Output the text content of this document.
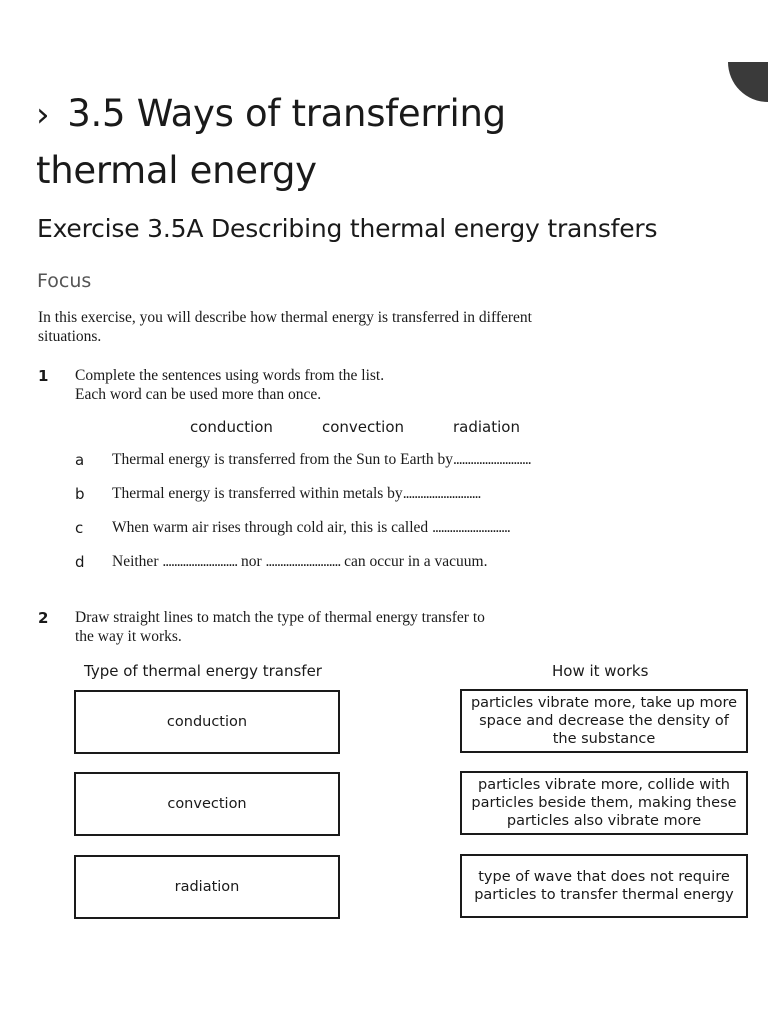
› 3.5 Ways of transferring
thermal energy
Exercise 3.5A Describing thermal energy transfers
Focus
In this exercise, you will describe how thermal energy is transferred in different situations.
1 Complete the sentences using words from the list.
Each word can be used more than once.
conduction	convection	radiation
a Thermal energy is transferred from the Sun to Earth by...........................
b Thermal energy is transferred within metals by...........................
c When warm air rises through cold air, this is called ...........................
d Neither .......................... nor .......................... can occur in a vacuum.
2 Draw straight lines to match the type of thermal energy transfer to
the way it works.
Type of thermal energy transfer	How it works
conduction
convection
radiation
particles vibrate more, take up more space and decrease the density of the substance
particles vibrate more, collide with particles beside them, making these particles also vibrate more
type of wave that does not require particles to transfer thermal energy
